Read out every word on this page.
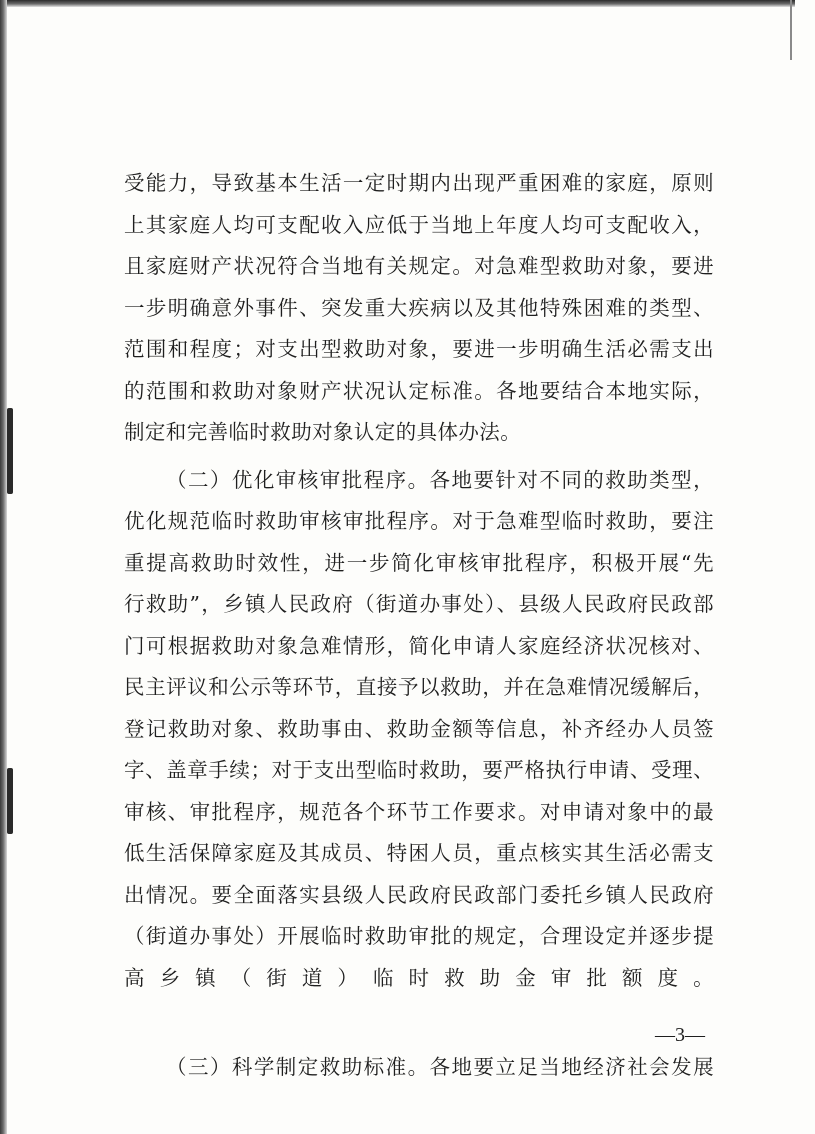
受能力，导致基本生活一定时期内出现严重困难的家庭，原则
上其家庭人均可支配收入应低于当地上年度人均可支配收入，
且家庭财产状况符合当地有关规定。对急难型救助对象，要进
一步明确意外事件、突发重大疾病以及其他特殊困难的类型、
范围和程度；对支出型救助对象，要进一步明确生活必需支出
的范围和救助对象财产状况认定标准。各地要结合本地实际，
制定和完善临时救助对象认定的具体办法。
（二）优化审核审批程序。各地要针对不同的救助类型，
优化规范临时救助审核审批程序。对于急难型临时救助，要注
重提高救助时效性，进一步简化审核审批程序，积极开展“先
行救助”，乡镇人民政府（街道办事处）、县级人民政府民政部
门可根据救助对象急难情形，简化申请人家庭经济状况核对、
民主评议和公示等环节，直接予以救助，并在急难情况缓解后，
登记救助对象、救助事由、救助金额等信息，补齐经办人员签
字、盖章手续；对于支出型临时救助，要严格执行申请、受理、
审核、审批程序，规范各个环节工作要求。对申请对象中的最
低生活保障家庭及其成员、特困人员，重点核实其生活必需支
出情况。要全面落实县级人民政府民政部门委托乡镇人民政府
（街道办事处）开展临时救助审批的规定，合理设定并逐步提
高乡镇（街道）临时救助金审批额度。
（三）科学制定救助标准。各地要立足当地经济社会发展
—3—
